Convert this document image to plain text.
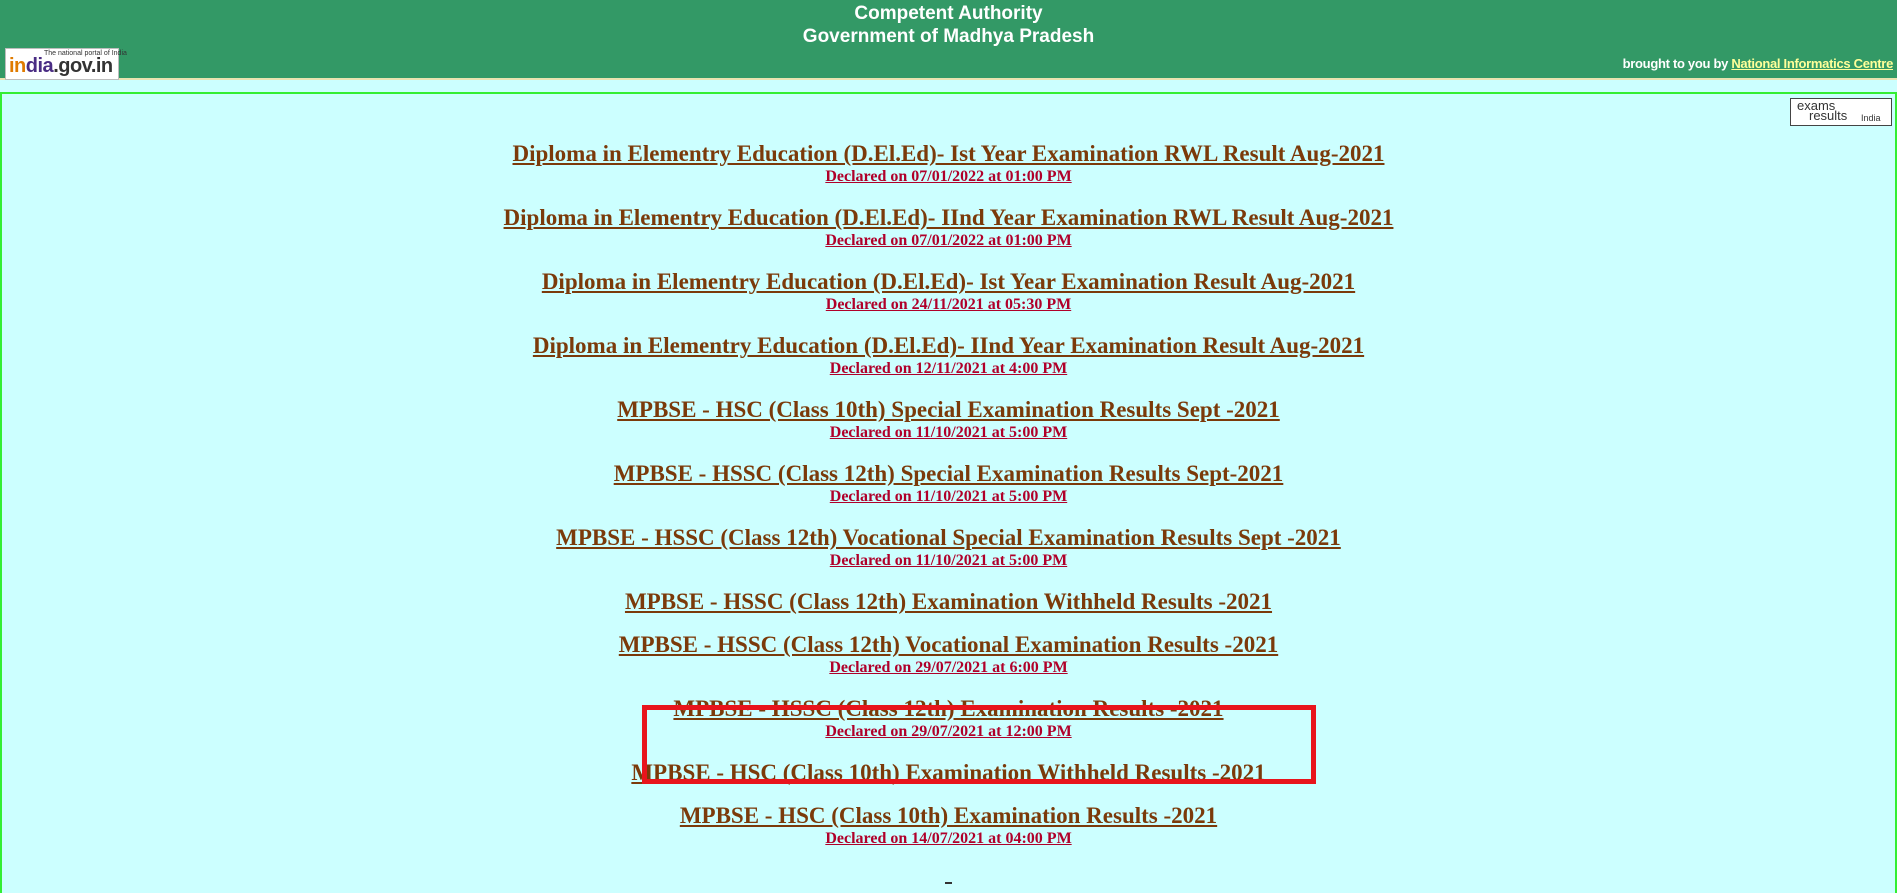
Competent Authority
Government of Madhya Pradesh
The national portal of India
india.gov.in	brought to you by National Informatics Centre
exams
results India
Diploma in Elementry Education (D.El.Ed)- Ist Year Examination RWL Result Aug-2021
Declared on 07/01/2022 at 01:00 PM
Diploma in Elementry Education (D.El.Ed)- IInd Year Examination RWL Result Aug-2021
Declared on 07/01/2022 at 01:00 PM
Diploma in Elementry Education (D.El.Ed)- Ist Year Examination Result Aug-2021
Declared on 24/11/2021 at 05:30 PM
Diploma in Elementry Education (D.El.Ed)- IInd Year Examination Result Aug-2021
Declared on 12/11/2021 at 4:00 PM
MPBSE - HSC (Class 10th) Special Examination Results Sept -2021
Declared on 11/10/2021 at 5:00 PM
MPBSE - HSSC (Class 12th) Special Examination Results Sept-2021
Declared on 11/10/2021 at 5:00 PM
MPBSE - HSSC (Class 12th) Vocational Special Examination Results Sept -2021
Declared on 11/10/2021 at 5:00 PM
MPBSE - HSSC (Class 12th) Examination Withheld Results -2021
MPBSE - HSSC (Class 12th) Vocational Examination Results -2021
Declared on 29/07/2021 at 6:00 PM
MPBSE - HSSC (Class 12th) Examination Results -2021
Declared on 29/07/2021 at 12:00 PM
MPBSE - HSC (Class 10th) Examination Withheld Results -2021
MPBSE - HSC (Class 10th) Examination Results -2021
Declared on 14/07/2021 at 04:00 PM
